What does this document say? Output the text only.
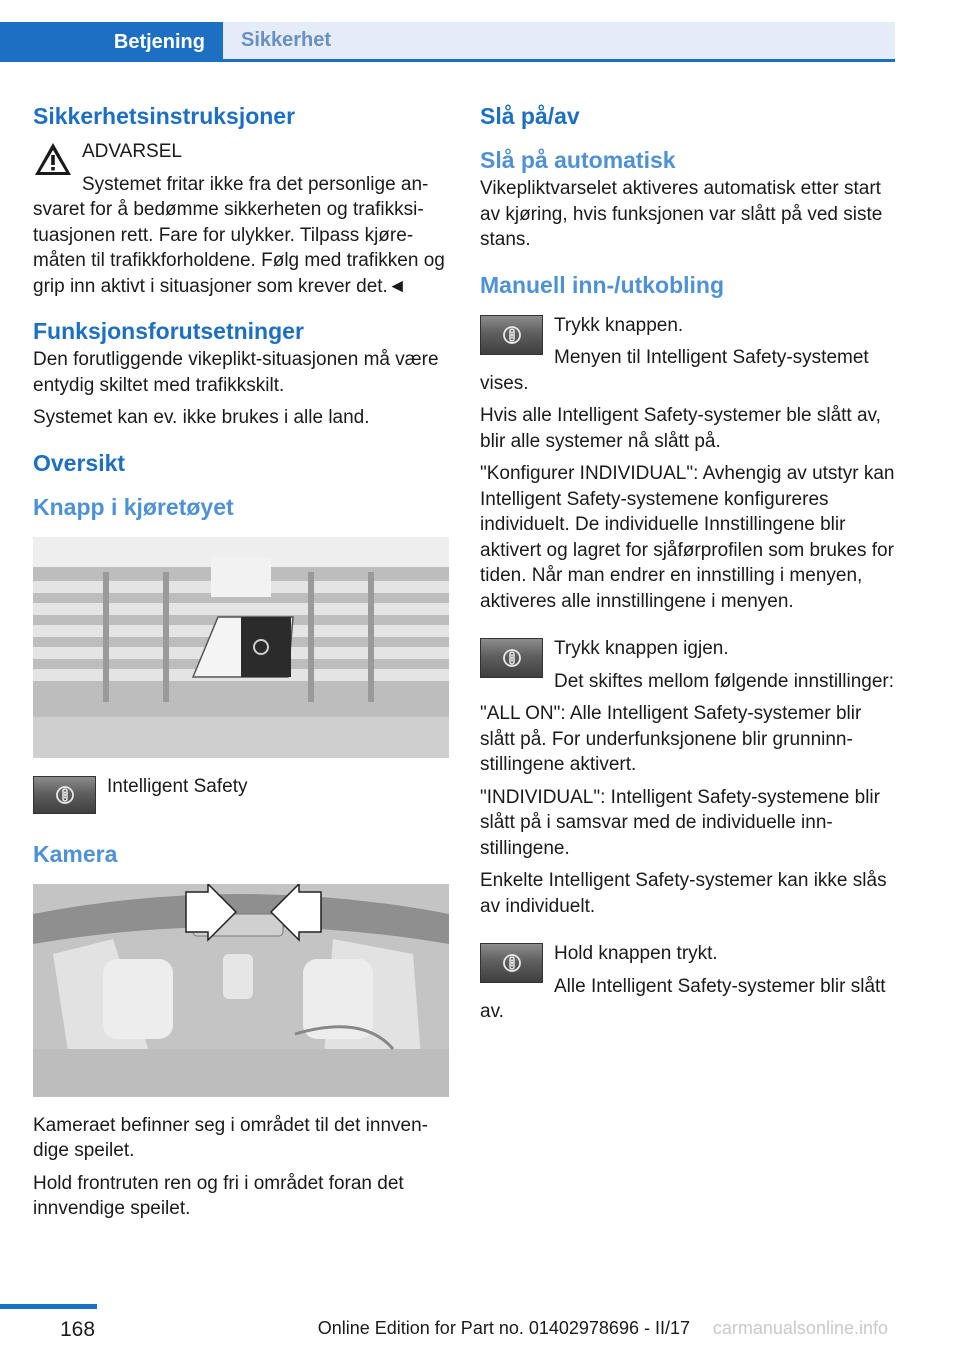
Betjening	Sikkerhet
Sikkerhetsinstruksjoner

ADVARSEL

Systemet fritar ikke fra det personlige ansvaret for å bedømme sikkerheten og trafikksituasjonen rett. Fare for ulykker. Tilpass kjøremåten til trafikkforholdene. Følg med trafikken og grip inn aktivt i situasjoner som krever det.◄

Funksjonsforutsetninger

Den forutliggende vikeplikt-situasjonen må være entydig skiltet med trafikkskilt.

Systemet kan ev. ikke brukes i alle land.

Oversikt
Knapp i kjøretøyet

Intelligent Safety

Kamera

Kameraet befinner seg i området til det innvendige speilet.

Hold frontruten ren og fri i området foran det innvendige speilet.

Slå på/av
Slå på automatisk

Vikepliktvarselet aktiveres automatisk etter start av kjøring, hvis funksjonen var slått på ved siste stans.

Manuell inn-/utkobling

Trykk knappen.

Menyen til Intelligent Safety-systemet vises.

Hvis alle Intelligent Safety-systemer ble slått av, blir alle systemer nå slått på.

"Konfigurer INDIVIDUAL": Avhengig av utstyr kan Intelligent Safety-systemene konfigureres individuelt. De individuelle Innstillingene blir aktivert og lagret for sjåførprofilen som brukes for tiden. Når man endrer en innstilling i menyen, aktiveres alle innstillingene i menyen.

Trykk knappen igjen.

Det skiftes mellom følgende innstillinger:

"ALL ON": Alle Intelligent Safety-systemer blir slått på. For underfunksjonene blir grunninnstillingene aktivert.

"INDIVIDUAL": Intelligent Safety-systemene blir slått på i samsvar med de individuelle innstillingene.

Enkelte Intelligent Safety-systemer kan ikke slås av individuelt.

Hold knappen trykt.

Alle Intelligent Safety-systemer blir slått av.

168	Online Edition for Part no. 01402978696 - II/17 carmanualsonline.info
